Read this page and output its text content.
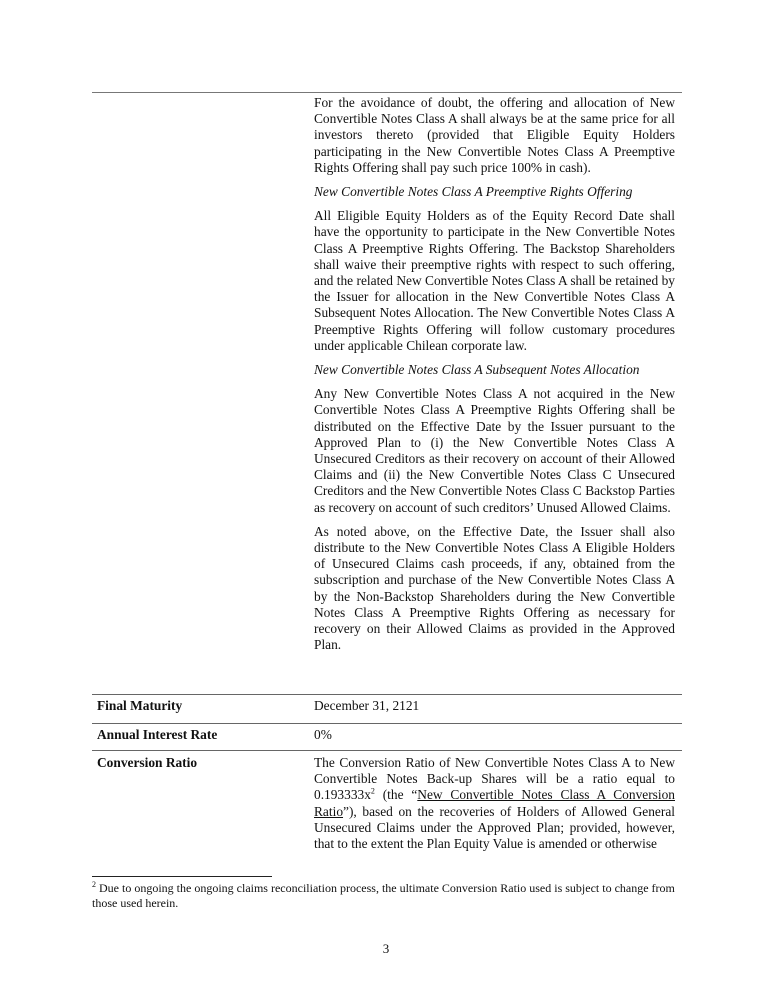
For the avoidance of doubt, the offering and allocation of New Convertible Notes Class A shall always be at the same price for all investors thereto (provided that Eligible Equity Holders participating in the New Convertible Notes Class A Preemptive Rights Offering shall pay such price 100% in cash).

New Convertible Notes Class A Preemptive Rights Offering

All Eligible Equity Holders as of the Equity Record Date shall have the opportunity to participate in the New Convertible Notes Class A Preemptive Rights Offering. The Backstop Shareholders shall waive their preemptive rights with respect to such offering, and the related New Convertible Notes Class A shall be retained by the Issuer for allocation in the New Convertible Notes Class A Subsequent Notes Allocation. The New Convertible Notes Class A Preemptive Rights Offering will follow customary procedures under applicable Chilean corporate law.

New Convertible Notes Class A Subsequent Notes Allocation

Any New Convertible Notes Class A not acquired in the New Convertible Notes Class A Preemptive Rights Offering shall be distributed on the Effective Date by the Issuer pursuant to the Approved Plan to (i) the New Convertible Notes Class A Unsecured Creditors as their recovery on account of their Allowed Claims and (ii) the New Convertible Notes Class C Unsecured Creditors and the New Convertible Notes Class C Backstop Parties as recovery on account of such creditors’ Unused Allowed Claims.

As noted above, on the Effective Date, the Issuer shall also distribute to the New Convertible Notes Class A Eligible Holders of Unsecured Claims cash proceeds, if any, obtained from the subscription and purchase of the New Convertible Notes Class A by the Non-Backstop Shareholders during the New Convertible Notes Class A Preemptive Rights Offering as necessary for recovery on their Allowed Claims as provided in the Approved Plan.

Final Maturity	December 31, 2121
Annual Interest Rate	0%
Conversion Ratio	The Conversion Ratio of New Convertible Notes Class A to New Convertible Notes Back-up Shares will be a ratio equal to $0.193333x^2$ (the “New Convertible Notes Class A Conversion Ratio”), based on the recoveries of Holders of Allowed General Unsecured Claims under the Approved Plan; provided, however, that to the extent the Plan Equity Value is amended or otherwise

$^2$ Due to ongoing the ongoing claims reconciliation process, the ultimate Conversion Ratio used is subject to change from those used herein.
3
